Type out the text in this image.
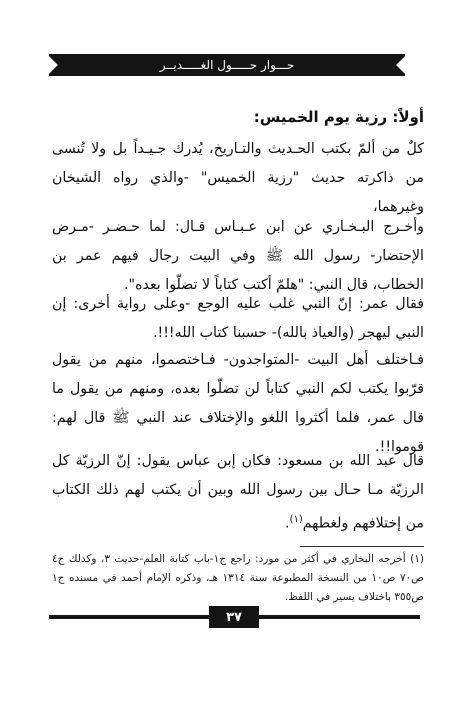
حـــوار حـــــول الغـــــديــر
أولاً: رزية يوم الخميس:
كلٌ من ألمّ بكتب الحـديث والتـاريخ، يُدرك جـيـداً بل ولا تُنسى من ذاكرته حديث "رزية الخميس" -والذي رواه الشيخان وغيرهما،
وأخـرج البـخـاري عن ابن عـبـاس قـال: لما حـضـر -مـرض الإحتضار- رسول الله ﷺ وفي البيت رجال فيهم عمر بن الخطاب، قال النبي: "هلمّ أكتب كتاباً لا تضلّوا بعده".
فقال عمر: إنّ النبي غلب عليه الوجع -وعلى رواية أخرى: إن النبي ليهجر (والعياذ بالله)- حسبنا كتاب الله!!!.
فـاختلف أهل البيت -المتواجدون- فـاختصموا، منهم من يقول قرّبوا يكتب لكم النبي كتاباً لن تضلّوا بعده، ومنهم من يقول ما قال عمر، فلما أكثروا اللغو والإختلاف عند النبي ﷺ قال لهم: قوموا!!.
قال عبد الله بن مسعود: فكان إبن عباس يقول: إنّ الرزيّة كل الرزيّة مـا حـال بين رسول الله وبين أن يكتب لهم ذلك الكتاب من إختلافهم ولغطهم$^{(١)}$.
(١) أخرجه البخاري في أكثر من مورد: راجع ج١-باب كتابة العلم-حديث ٣، وكذلك ج٤ ص٧٠ ص١٠ من النسخة المطبوعة سنة ١٣١٤ هـ، وذكره الإمام أحمد في مسنده ج١ ص٣٥٥ باختلاف يسير في اللفظ.
٣٧
